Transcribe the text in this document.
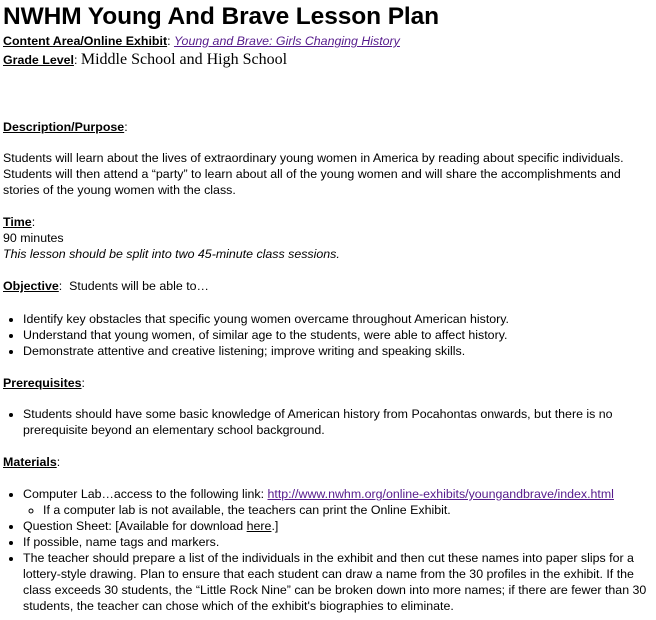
NWHM Young And Brave Lesson Plan
Content Area/Online Exhibit: Young and Brave: Girls Changing History
Grade Level: Middle School and High School
Description/Purpose:
Students will learn about the lives of extraordinary young women in America by reading about specific individuals. Students will then attend a “party” to learn about all of the young women and will share the accomplishments and stories of the young women with the class.
Time:
90 minutes
This lesson should be split into two 45-minute class sessions.
Objective:  Students will be able to…
• Identify key obstacles that specific young women overcame throughout American history.
• Understand that young women, of similar age to the students, were able to affect history.
• Demonstrate attentive and creative listening; improve writing and speaking skills.
Prerequisites:
• Students should have some basic knowledge of American history from Pocahontas onwards, but there is no prerequisite beyond an elementary school background.
Materials:
• Computer Lab…access to the following link: http://www.nwhm.org/online-exhibits/youngandbrave/index.html
◦ If a computer lab is not available, the teachers can print the Online Exhibit.
• Question Sheet: [Available for download here.]
• If possible, name tags and markers.
• The teacher should prepare a list of the individuals in the exhibit and then cut these names into paper slips for a lottery-style drawing. Plan to ensure that each student can draw a name from the 30 profiles in the exhibit. If the class exceeds 30 students, the “Little Rock Nine” can be broken down into more names; if there are fewer than 30 students, the teacher can chose which of the exhibit's biographies to eliminate.
